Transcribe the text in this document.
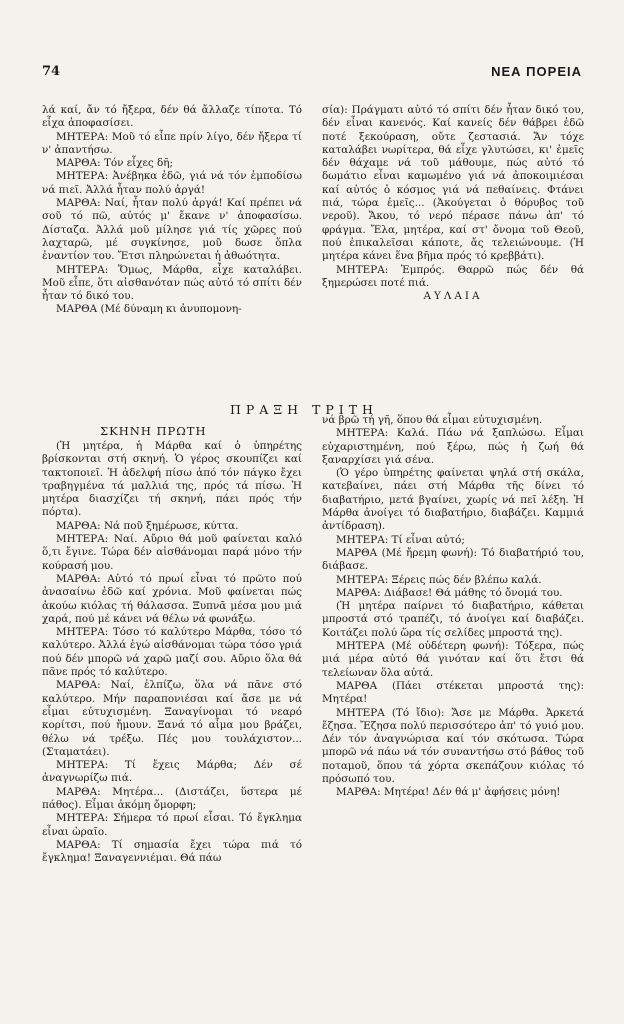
74	ΝΕΑ ΠΟΡΕΙΑ

λά καί, ἄν τό ἤξερα, δέν θά ἄλλαζε τίποτα. Τό εἶχα ἀποφασίσει.

ΜΗΤΕΡΑ: Μοῦ τό εἶπε πρίν λίγο, δέν ἤξερα τί ν' ἀπαντήσω.

ΜΑΡΘΑ: Τόν εἶχες δῆ;

ΜΗΤΕΡΑ: Ἀνέβηκα ἐδῶ, γιά νά τόν ἐμποδίσω νά πιεῖ. Ἀλλά ἦταν πολύ ἀργά!

ΜΑΡΘΑ: Ναί, ἦταν πολύ ἀργά! Καί πρέπει νά σοῦ τό πῶ, αὐτός μ' ἔκανε ν' ἀποφασίσω. Δίσταζα. Ἀλλά μοῦ μίλησε γιά τίς χῶρες πού λαχταρῶ, μέ συγκίνησε, μοῦ δωσε ὅπλα ἐναντίον του. Ἔτσι πληρώνεται ἡ ἀθωότητα.

ΜΗΤΕΡΑ: Ὅμως, Μάρθα, εἶχε καταλάβει. Μοῦ εἶπε, ὅτι αἰσθανόταν πώς αὐτό τό σπίτι δέν ἦταν τό δικό του.

ΜΑΡΘΑ (Μέ δύναμη κι ἀνυπομονη-

σία): Πράγματι αὐτό τό σπίτι δέν ἦταν δικό του, δέν εἶναι κανενός. Καί κανείς δέν θάβρει ἐδῶ ποτέ ξεκούραση, οὔτε ζεστασιά. Ἄν τόχε καταλάβει νωρίτερα, θά εἶχε γλυτώσει, κι' ἐμεῖς δέν θάχαμε νά τοῦ μάθουμε, πώς αὐτό τό δωμάτιο εἶναι καμωμένο γιά νά ἀποκοιμιέσαι καί αὐτός ὁ κόσμος γιά νά πεθαίνεις. Φτάνει πιά, τώρα ἐμεῖς... (Ἀκούγεται ὁ θόρυβος τοῦ νεροῦ). Ἄκου, τό νερό πέρασε πάνω ἀπ' τό φράγμα. Ἔλα, μητέρα, καί στ' ὄνομα τοῦ Θεοῦ, πού ἐπικαλεῖσαι κάποτε, ἄς τελειώνουμε. (Ἡ μητέρα κάνει ἕνα βῆμα πρός τό κρεββάτι).

ΜΗΤΕΡΑ: Ἐμπρός. Θαρρῶ πώς δέν θά ξημερώσει ποτέ πιά.

ΑΥΛΑΙΑ

ΠΡΑΞΗ ΤΡΙΤΗ
ΣΚΗΝΗ ΠΡΩΤΗ

(Ἡ μητέρα, ἡ Μάρθα καί ὁ ὑπηρέτης βρίσκονται στή σκηνή. Ὁ γέρος σκουπίζει καί τακτοποιεῖ. Ἡ ἀδελφή πίσω ἀπό τόν πάγκο ἔχει τραβηγμένα τά μαλλιά της, πρός τά πίσω. Ἡ μητέρα διασχίζει τή σκηνή, πάει πρός τήν πόρτα).

ΜΑΡΘΑ: Νά ποῦ ξημέρωσε, κύττα.

ΜΗΤΕΡΑ: Ναί. Αὔριο θά μοῦ φαίνεται καλό ὅ,τι ἔγινε. Τώρα δέν αἰσθάνομαι παρά μόνο τήν κούρασή μου.

ΜΑΡΘΑ: Αὐτό τό πρωί εἶναι τό πρῶτο πού ἀνασαίνω ἐδῶ καί χρόνια. Μοῦ φαίνεται πώς ἀκούω κιόλας τή θάλασσα. Ξυπνᾶ μέσα μου μιά χαρά, πού μέ κάνει νά θέλω νά φωνάξω.

ΜΗΤΕΡΑ: Τόσο τό καλύτερο Μάρθα, τόσο τό καλύτερο. Ἀλλά ἐγώ αἰσθάνομαι τώρα τόσο γριά πού δέν μπορῶ νά χαρῶ μαζί σου. Αὔριο ὅλα θά πᾶνε πρός τό καλύτερο.

ΜΑΡΘΑ: Ναί, ἐλπίζω, ὅλα νά πᾶνε στό καλύτερο. Μήν παραπονιέσαι καί ἄσε με νά εἶμαι εὐτυχισμένη. Ξαναγίνομαι τό νεαρό κορίτσι, πού ἤμουν. Ξανά τό αἷμα μου βράζει, θέλω νά τρέξω. Πές μου τουλάχιστον... (Σταματάει).

ΜΗΤΕΡΑ: Τί ἔχεις Μάρθα; Δέν σέ ἀναγνωρίζω πιά.

ΜΑΡΘΑ: Μητέρα... (Διστάζει, ὕστερα μέ πάθος). Εἶμαι ἀκόμη ὄμορφη;

ΜΗΤΕΡΑ: Σήμερα τό πρωί εἶσαι. Τό ἔγκλημα εἶναι ὡραῖο.

ΜΑΡΘΑ: Τί σημασία ἔχει τώρα πιά τό ἔγκλημα! Ξαναγεννιέμαι. Θά πάω

νά βρῶ τή γῆ, ὅπου θά εἶμαι εὐτυχισμένη.

ΜΗΤΕΡΑ: Καλά. Πάω νά ξαπλώσω. Εἶμαι εὐχαριστημένη, πού ξέρω, πώς ἡ ζωή θά ξαναρχίσει γιά σένα.

(Ὁ γέρο ὑπηρέτης φαίνεται ψηλά στή σκάλα, κατεβαίνει, πάει στή Μάρθα τῆς δίνει τό διαβατήριο, μετά βγαίνει, χωρίς νά πεῖ λέξη. Ἡ Μάρθα ἀνοίγει τό διαβατήριο, διαβάζει. Καμμιά ἀντίδραση).

ΜΗΤΕΡΑ: Τί εἶναι αὐτό;

ΜΑΡΘΑ (Μέ ἤρεμη φωνή): Τό διαβατήριό του, διάβασε.

ΜΗΤΕΡΑ: Ξέρεις πώς δέν βλέπω καλά.

ΜΑΡΘΑ: Διάβασε! Θά μάθης τό ὄνομά του.

(Ἡ μητέρα παίρνει τό διαβατήριο, κάθεται μπροστά στό τραπέζι, τό ἀνοίγει καί διαβάζει. Κοιτάζει πολύ ὥρα τίς σελίδες μπροστά της).

ΜΗΤΕΡΑ (Μέ οὐδέτερη φωνή): Τόξερα, πώς μιά μέρα αὐτό θά γινόταν καί ὅτι ἔτσι θά τελείωναν ὅλα αὐτά.

ΜΑΡΘΑ (Πάει στέκεται μπροστά της): Μητέρα!

ΜΗΤΕΡΑ (Τό ἴδιο): Ἄσε με Μάρθα. Ἀρκετά ἔζησα. Ἔζησα πολύ περισσότερο ἀπ' τό γυιό μου. Δέν τόν ἀναγνώρισα καί τόν σκότωσα. Τώρα μπορῶ νά πάω νά τόν συναντήσω στό βάθος τοῦ ποταμοῦ, ὅπου τά χόρτα σκεπάζουν κιόλας τό πρόσωπό του.

ΜΑΡΘΑ: Μητέρα! Δέν θά μ' ἀφήσεις μόνη!
